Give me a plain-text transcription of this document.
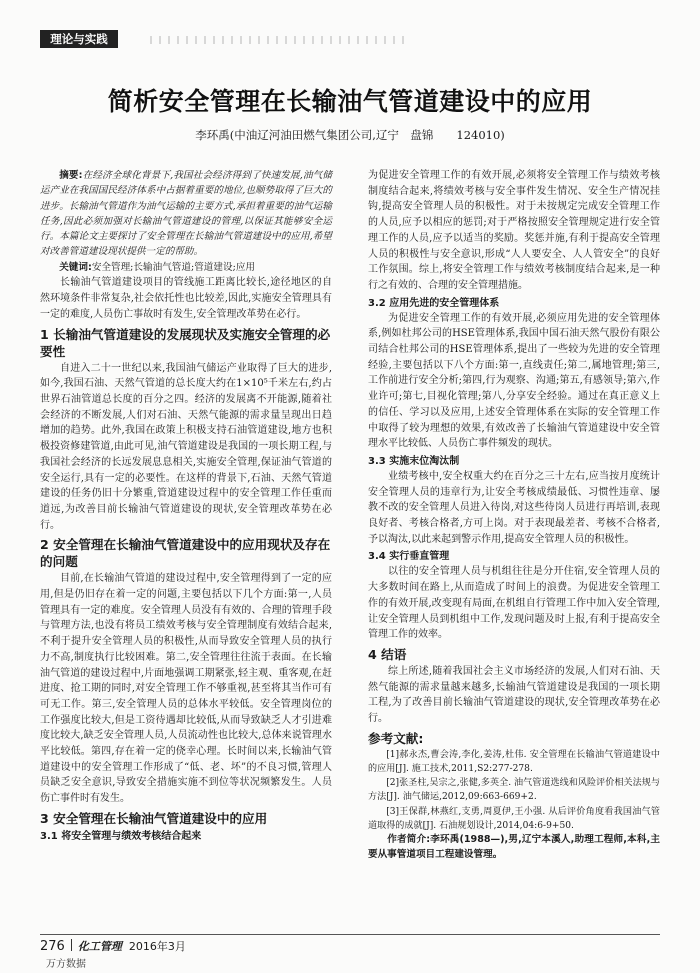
理论与实践
简析安全管理在长输油气管道建设中的应用
李环禹(中油辽河油田燃气集团公司,辽宁　盘锦　　124010)

摘要:在经济全球化背景下,我国社会经济得到了快速发展,油气储运产业在我国国民经济体系中占据着重要的地位,也顺势取得了巨大的进步。长输油气管道作为油气运输的主要方式,承担着重要的油气运输任务,因此必须加强对长输油气管道建设的管理,以保证其能够安全运行。本篇论文主要探讨了安全管理在长输油气管道建设中的应用,希望对改善管道建设现状提供一定的帮助。

关键词:安全管理;长输油气管道;管道建设;应用

长输油气管道建设项目的管线施工距离比较长,途径地区的自然环境条件非常复杂,社会依托性也比较差,因此,实施安全管理具有一定的难度,人员伤亡事故时有发生,安全管理改革势在必行。

1 长输油气管道建设的发展现状及实施安全管理的必要性

自进入二十一世纪以来,我国油气储运产业取得了巨大的进步,如今,我国石油、天然气管道的总长度大约在1×10⁵千米左右,约占世界石油管道总长度的百分之四。经济的发展离不开能源,随着社会经济的不断发展,人们对石油、天然气能源的需求量呈现出日趋增加的趋势。此外,我国在政策上积极支持石油管道建设,地方也积极投资修建管道,由此可见,油气管道建设是我国的一项长期工程,与我国社会经济的长远发展息息相关,实施安全管理,保证油气管道的安全运行,具有一定的必要性。在这样的背景下,石油、天然气管道建设的任务仍旧十分繁重,管道建设过程中的安全管理工作任重而道远,为改善目前长输油气管道建设的现状,安全管理改革势在必行。

2 安全管理在长输油气管道建设中的应用现状及存在的问题

目前,在长输油气管道的建设过程中,安全管理得到了一定的应用,但是仍旧存在着一定的问题,主要包括以下几个方面:第一,人员管理具有一定的难度。安全管理人员没有有效的、合理的管理手段与管理方法,也没有将员工绩效考核与安全管理制度有效结合起来,不利于提升安全管理人员的积极性,从而导致安全管理人员的执行力不高,制度执行比较困难。第二,安全管理往往流于表面。在长输油气管道的建设过程中,片面地强调工期紧张,轻主观、重客观,在赶进度、抢工期的同时,对安全管理工作不够重视,甚至将其当作可有可无工作。第三,安全管理人员的总体水平较低。安全管理岗位的工作强度比较大,但是工资待遇却比较低,从而导致缺乏人才引进难度比较大,缺乏安全管理人员,人员流动性也比较大,总体来说管理水平比较低。第四,存在着一定的侥幸心理。长时间以来,长输油气管道建设中的安全管理工作形成了“低、老、坏”的不良习惯,管理人员缺乏安全意识,导致安全措施实施不到位等状况频繁发生。人员伤亡事件时有发生。

3 安全管理在长输油气管道建设中的应用
3.1 将安全管理与绩效考核结合起来

为促进安全管理工作的有效开展,必须将安全管理工作与绩效考核制度结合起来,将绩效考核与安全事件发生情况、安全生产情况挂钩,提高安全管理人员的积极性。对于未按规定完成安全管理工作的人员,应予以相应的惩罚;对于严格按照安全管理规定进行安全管理工作的人员,应予以适当的奖励。奖惩并施,有利于提高安全管理人员的积极性与安全意识,形成“人人要安全、人人管安全”的良好工作氛围。综上,将安全管理工作与绩效考核制度结合起来,是一种行之有效的、合理的安全管理措施。

3.2 应用先进的安全管理体系

为促进安全管理工作的有效开展,必须应用先进的安全管理体系,例如杜邦公司的HSE管理体系,我国中国石油天然气股份有限公司结合杜邦公司的HSE管理体系,提出了一些较为先进的安全管理经验,主要包括以下八个方面:第一,直线责任;第二,属地管理;第三,工作前进行安全分析;第四,行为观察、沟通;第五,有感领导;第六,作业许可;第七,目视化管理;第八,分享安全经验。通过在真正意义上的信任、学习以及应用,上述安全管理体系在实际的安全管理工作中取得了较为理想的效果,有效改善了长输油气管道建设中安全管理水平比较低、人员伤亡事件频发的现状。

3.3 实施末位淘汰制

业绩考核中,安全权重大约在百分之三十左右,应当按月度统计安全管理人员的违章行为,让安全考核成绩最低、习惯性违章、屡教不改的安全管理人员进入待岗,对这些待岗人员进行再培训,表现良好者、考核合格者,方可上岗。对于表现最差者、考核不合格者,予以淘汰,以此来起到警示作用,提高安全管理人员的积极性。

3.4 实行垂直管理

以往的安全管理人员与机组往往是分开住宿,安全管理人员的大多数时间在路上,从而造成了时间上的浪费。为促进安全管理工作的有效开展,改变现有局面,在机组自行管理工作中加入安全管理,让安全管理人员到机组中工作,发现问题及时上报,有利于提高安全管理工作的效率。

4 结语

综上所述,随着我国社会主义市场经济的发展,人们对石油、天然气能源的需求量越来越多,长输油气管道建设是我国的一项长期工程,为了改善目前长输油气管道建设的现状,安全管理改革势在必行。

参考文献:

[1]郝永杰,曹会涛,李化,姜涛,杜伟. 安全管理在长输油气管道建设中的应用[J]. 施工技术,2011,S2:277-278.

[2]张圣柱,吴宗之,张健,多英全. 油气管道选线和风险评价相关法规与方法[J]. 油气储运,2012,09:663-669+2.

[3]王保群,林燕红,支勇,周夏伊,王小强. 从后评价角度看我国油气管道取得的成就[J]. 石油规划设计,2014,04:6-9+50.

作者简介:李环禹(1988—),男,辽宁本溪人,助理工程师,本科,主要从事管道项目工程建设管理。

276 化工管理 2016年3月
万方数据
